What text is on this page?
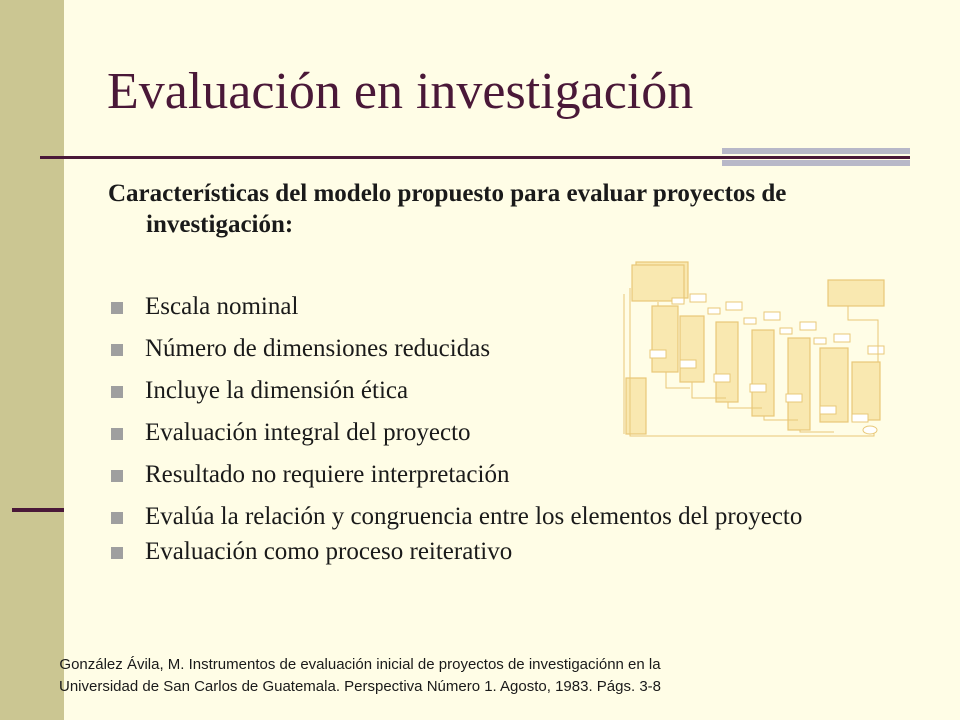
Evaluación en investigación

Características del modelo propuesto para evaluar proyectos de investigación:

Escala nominal
Número de dimensiones reducidas
Incluye la dimensión ética
Evaluación integral del proyecto
Resultado no requiere interpretación
Evalúa la relación y congruencia entre los elementos del proyecto
Evaluación como proceso reiterativo
González Ávila, M. Instrumentos de evaluación inicial de proyectos de investigaciónn en la
Universidad de San Carlos de Guatemala. Perspectiva Número 1. Agosto, 1983. Págs. 3-8
